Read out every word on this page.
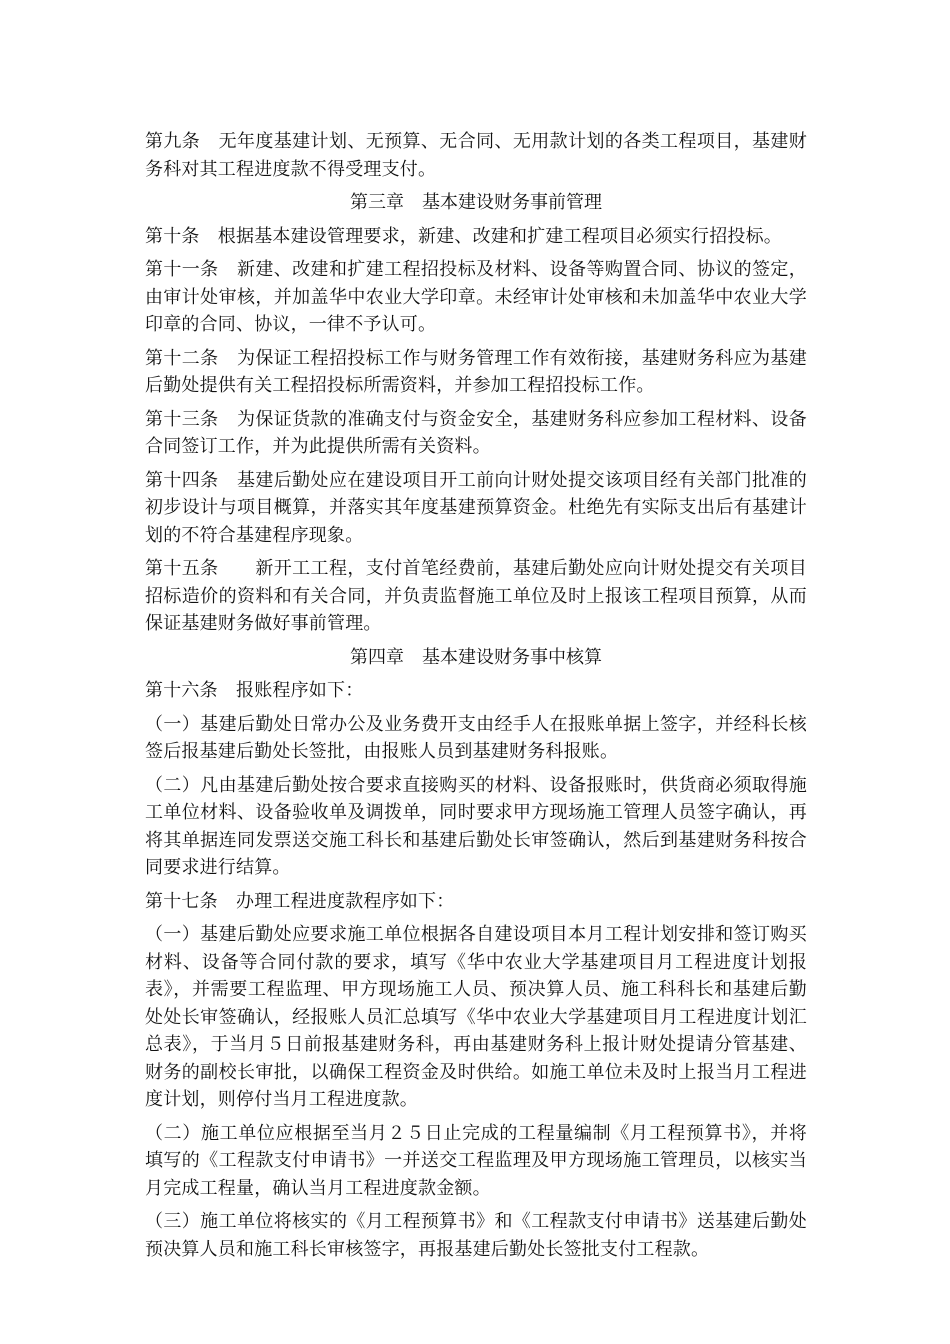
第九条　无年度基建计划、无预算、无合同、无用款计划的各类工程项目，基建财务科对其工程进度款不得受理支付。

第三章　基本建设财务事前管理

第十条　根据基本建设管理要求，新建、改建和扩建工程项目必须实行招投标。

第十一条　新建、改建和扩建工程招投标及材料、设备等购置合同、协议的签定，由审计处审核，并加盖华中农业大学印章。未经审计处审核和未加盖华中农业大学印章的合同、协议，一律不予认可。

第十二条　为保证工程招投标工作与财务管理工作有效衔接，基建财务科应为基建后勤处提供有关工程招投标所需资料，并参加工程招投标工作。

第十三条　为保证货款的准确支付与资金安全，基建财务科应参加工程材料、设备合同签订工作，并为此提供所需有关资料。

第十四条　基建后勤处应在建设项目开工前向计财处提交该项目经有关部门批准的初步设计与项目概算，并落实其年度基建预算资金。杜绝先有实际支出后有基建计划的不符合基建程序现象。

第十五条　　新开工工程，支付首笔经费前，基建后勤处应向计财处提交有关项目招标造价的资料和有关合同，并负责监督施工单位及时上报该工程项目预算，从而保证基建财务做好事前管理。

第四章　基本建设财务事中核算

第十六条　报账程序如下：

（一）基建后勤处日常办公及业务费开支由经手人在报账单据上签字，并经科长核签后报基建后勤处长签批，由报账人员到基建财务科报账。

（二）凡由基建后勤处按合要求直接购买的材料、设备报账时，供货商必须取得施工单位材料、设备验收单及调拨单，同时要求甲方现场施工管理人员签字确认，再将其单据连同发票送交施工科长和基建后勤处长审签确认，然后到基建财务科按合同要求进行结算。

第十七条　办理工程进度款程序如下：

（一）基建后勤处应要求施工单位根据各自建设项目本月工程计划安排和签订购买材料、设备等合同付款的要求，填写《华中农业大学基建项目月工程进度计划报表》，并需要工程监理、甲方现场施工人员、预决算人员、施工科科长和基建后勤处处长审签确认，经报账人员汇总填写《华中农业大学基建项目月工程进度计划汇总表》，于当月５日前报基建财务科，再由基建财务科上报计财处提请分管基建、财务的副校长审批，以确保工程资金及时供给。如施工单位未及时上报当月工程进度计划，则停付当月工程进度款。

（二）施工单位应根据至当月２５日止完成的工程量编制《月工程预算书》，并将填写的《工程款支付申请书》一并送交工程监理及甲方现场施工管理员，以核实当月完成工程量，确认当月工程进度款金额。

（三）施工单位将核实的《月工程预算书》和《工程款支付申请书》送基建后勤处预决算人员和施工科长审核签字，再报基建后勤处长签批支付工程款。
